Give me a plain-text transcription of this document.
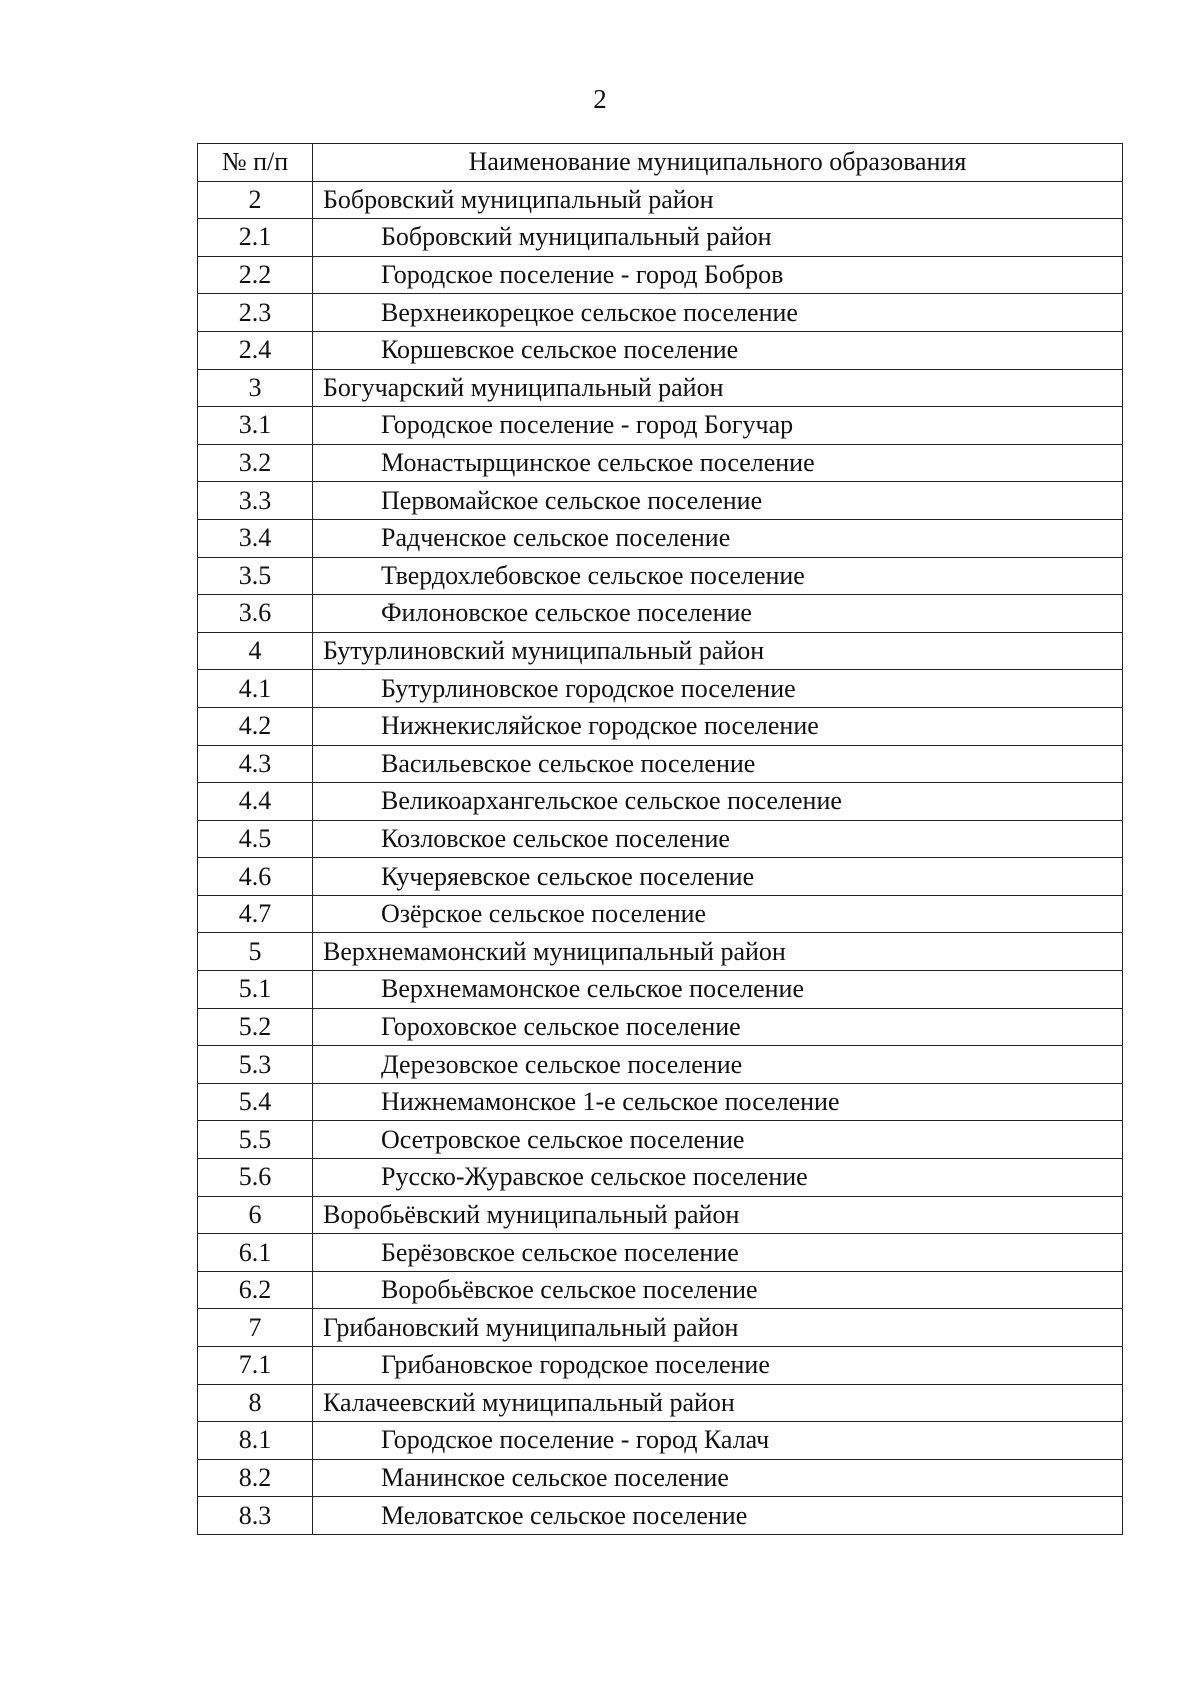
2
№ п/п	Наименование муниципального образования
2	Бобровский муниципальный район
2.1	Бобровский муниципальный район
2.2	Городское поселение - город Бобров
2.3	Верхнеикорецкое сельское поселение
2.4	Коршевское сельское поселение
3	Богучарский муниципальный район
3.1	Городское поселение - город Богучар
3.2	Монастырщинское сельское поселение
3.3	Первомайское сельское поселение
3.4	Радченское сельское поселение
3.5	Твердохлебовское сельское поселение
3.6	Филоновское сельское поселение
4	Бутурлиновский муниципальный район
4.1	Бутурлиновское городское поселение
4.2	Нижнекисляйское городское поселение
4.3	Васильевское сельское поселение
4.4	Великоархангельское сельское поселение
4.5	Козловское сельское поселение
4.6	Кучеряевское сельское поселение
4.7	Озёрское сельское поселение
5	Верхнемамонский муниципальный район
5.1	Верхнемамонское сельское поселение
5.2	Гороховское сельское поселение
5.3	Дерезовское сельское поселение
5.4	Нижнемамонское 1-е сельское поселение
5.5	Осетровское сельское поселение
5.6	Русско-Журавское сельское поселение
6	Воробьёвский муниципальный район
6.1	Берёзовское сельское поселение
6.2	Воробьёвское сельское поселение
7	Грибановский муниципальный район
7.1	Грибановское городское поселение
8	Калачеевский муниципальный район
8.1	Городское поселение - город Калач
8.2	Манинское сельское поселение
8.3	Меловатское сельское поселение
